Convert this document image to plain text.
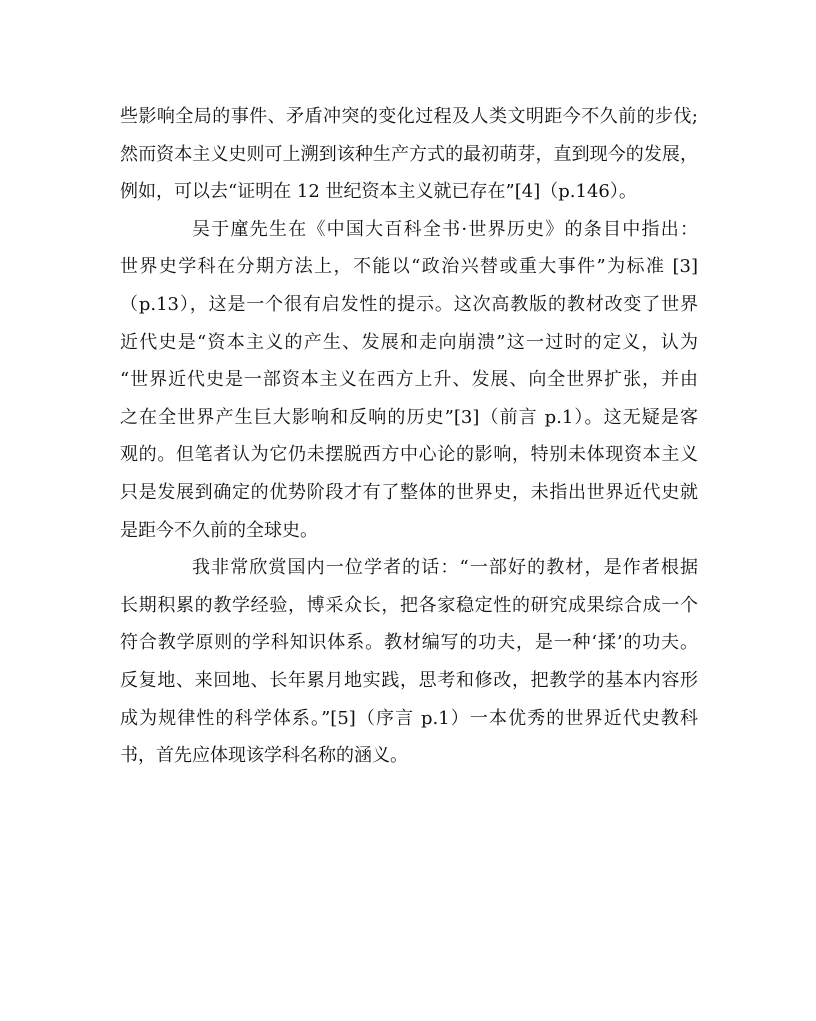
些影响全局的事件、矛盾冲突的变化过程及人类文明距今不久前的步伐;
然而资本主义史则可上溯到该种生产方式的最初萌芽，直到现今的发展，
例如，可以去“证明在 12 世纪资本主义就已存在”[4]（p.146）。
吴于廑先生在《中国大百科全书·世界历史》的条目中指出：
世界史学科在分期方法上，不能以“政治兴替或重大事件”为标准 [3]
（p.13），这是一个很有启发性的提示。这次高教版的教材改变了世界
近代史是“资本主义的产生、发展和走向崩溃”这一过时的定义，认为
“世界近代史是一部资本主义在西方上升、发展、向全世界扩张，并由
之在全世界产生巨大影响和反响的历史”[3]（前言 p.1）。这无疑是客
观的。但笔者认为它仍未摆脱西方中心论的影响，特别未体现资本主义
只是发展到确定的优势阶段才有了整体的世界史，未指出世界近代史就
是距今不久前的全球史。
我非常欣赏国内一位学者的话：“一部好的教材，是作者根据
长期积累的教学经验，博采众长，把各家稳定性的研究成果综合成一个
符合教学原则的学科知识体系。教材编写的功夫，是一种‘揉’的功夫。
反复地、来回地、长年累月地实践，思考和修改，把教学的基本内容形
成为规律性的科学体系。”[5]（序言 p.1）一本优秀的世界近代史教科
书，首先应体现该学科名称的涵义。
